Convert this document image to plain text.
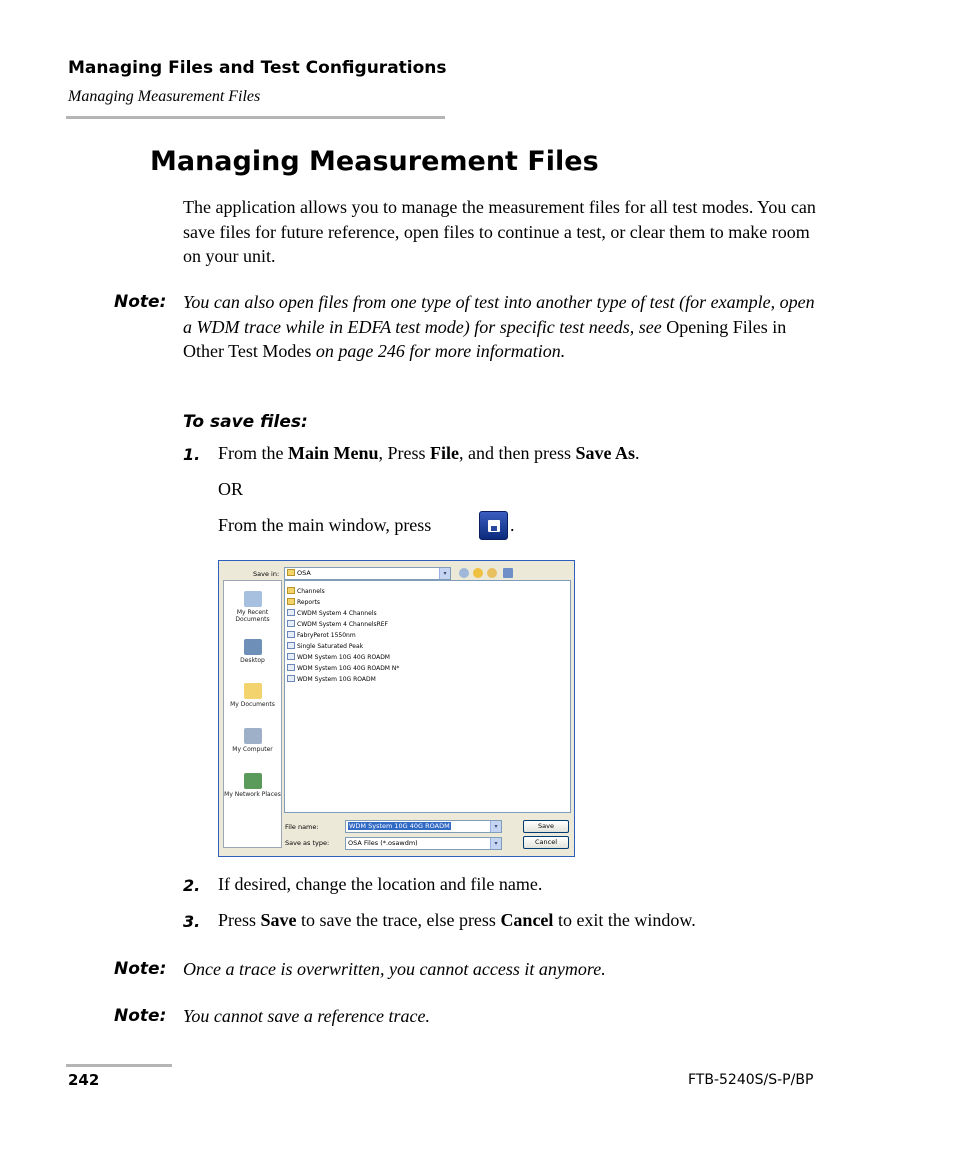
Managing Files and Test Configurations
Managing Measurement Files
Managing Measurement Files
The application allows you to manage the measurement files for all test modes. You can save files for future reference, open files to continue a test, or clear them to make room on your unit.
Note: You can also open files from one type of test into another type of test (for example, open a WDM trace while in EDFA test mode) for specific test needs, see Opening Files in Other Test Modes on page 246 for more information.
To save files:
1. From the Main Menu, Press File, and then press Save As.
OR
From the main window, press	.
Save in:	OSA	▾
My Recent Documents
Desktop
My Documents
My Computer
My Network Places
Channels
Reports
CWDM System 4 Channels
CWDM System 4 ChannelsREF
FabryPerot 1550nm
Single Saturated Peak
WDM System 10G 40G ROADM
WDM System 10G 40G ROADM N*
WDM System 10G ROADM
File name:	WDM System 10G 40G ROADM	▾
Save as type:	OSA Files (*.osawdm)	▾
Save
Cancel
2. If desired, change the location and file name.
3. Press Save to save the trace, else press Cancel to exit the window.
Note: Once a trace is overwritten, you cannot access it anymore.
Note: You cannot save a reference trace.
242	FTB-5240S/S-P/BP
